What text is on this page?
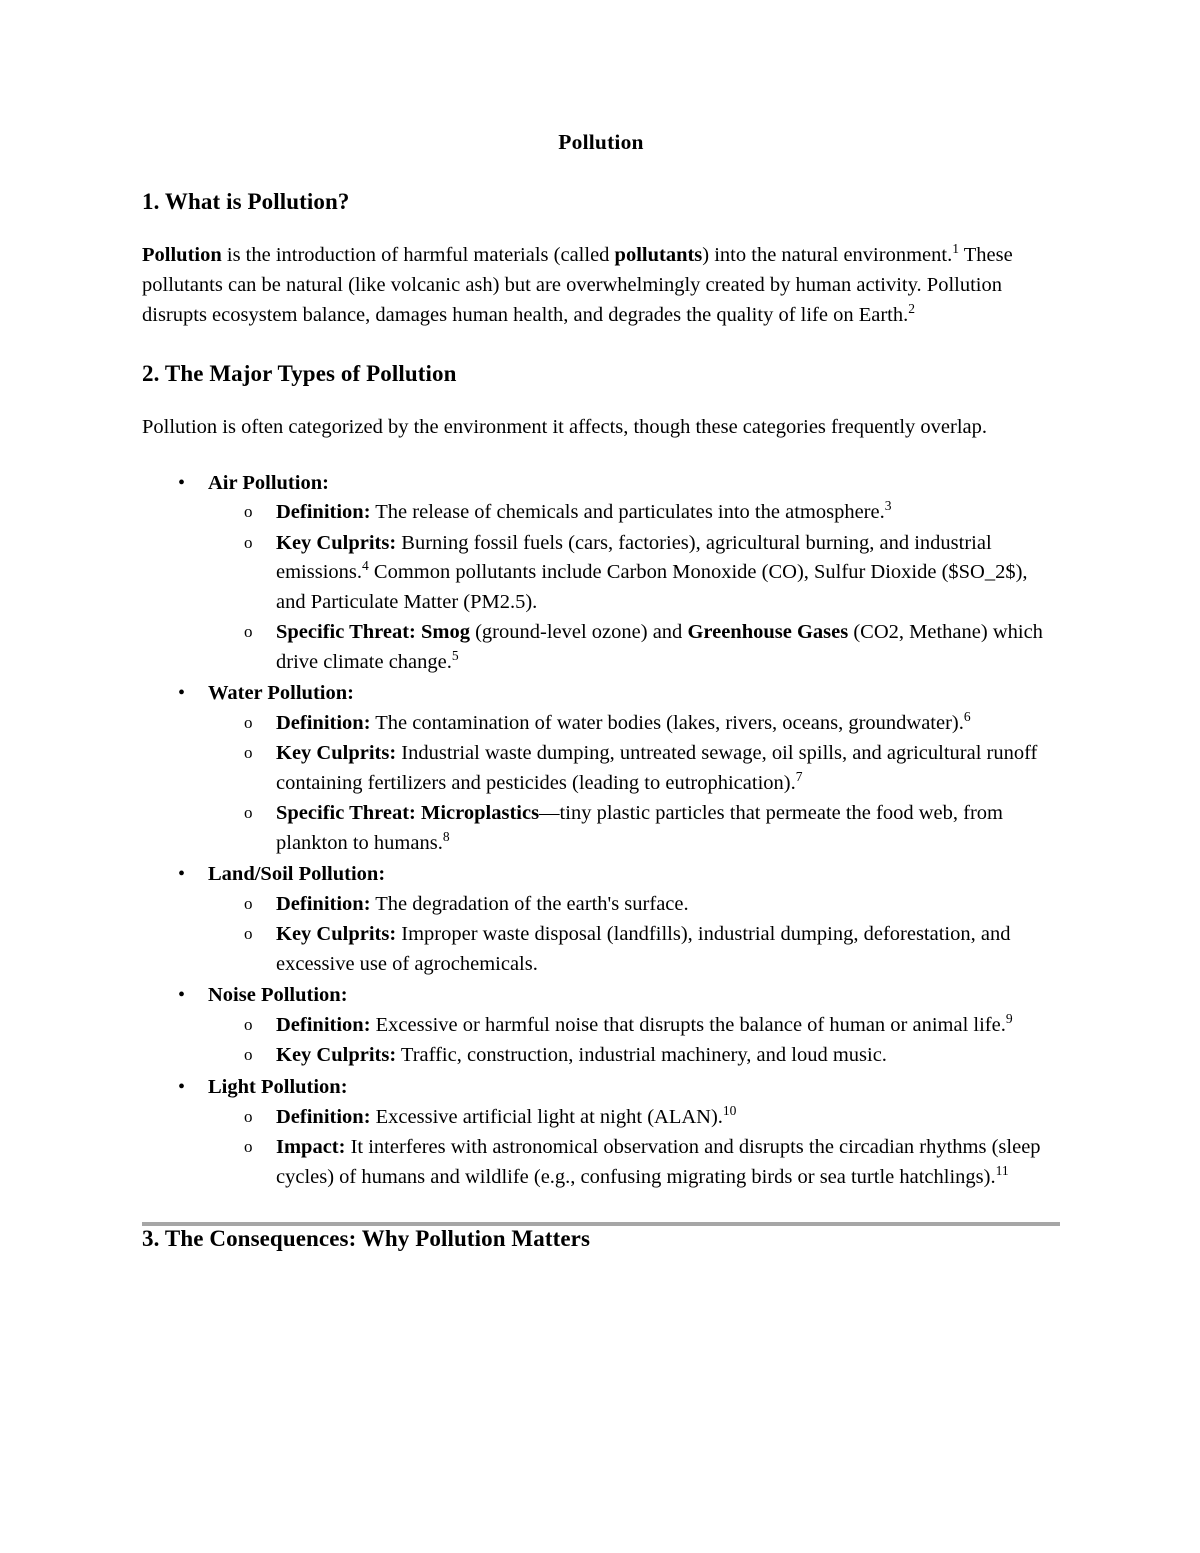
Pollution
1. What is Pollution?

Pollution is the introduction of harmful materials (called pollutants) into the natural environment.$^1$ These pollutants can be natural (like volcanic ash) but are overwhelmingly created by human activity. Pollution disrupts ecosystem balance, damages human health, and degrades the quality of life on Earth.$^2$

2. The Major Types of Pollution

Pollution is often categorized by the environment it affects, though these categories frequently overlap.

• Air Pollution:
o Definition: The release of chemicals and particulates into the atmosphere.$^3$
o Key Culprits: Burning fossil fuels (cars, factories), agricultural burning, and industrial emissions.$^4$ Common pollutants include Carbon Monoxide (CO), Sulfur Dioxide ($SO_2$), and Particulate Matter (PM2.5).
o Specific Threat: Smog (ground-level ozone) and Greenhouse Gases (CO2, Methane) which drive climate change.$^5$
• Water Pollution:
o Definition: The contamination of water bodies (lakes, rivers, oceans, groundwater).$^6$
o Key Culprits: Industrial waste dumping, untreated sewage, oil spills, and agricultural runoff containing fertilizers and pesticides (leading to eutrophication).$^7$
o Specific Threat: Microplastics—tiny plastic particles that permeate the food web, from plankton to humans.$^8$
• Land/Soil Pollution:
o Definition: The degradation of the earth's surface.
o Key Culprits: Improper waste disposal (landfills), industrial dumping, deforestation, and excessive use of agrochemicals.
• Noise Pollution:
o Definition: Excessive or harmful noise that disrupts the balance of human or animal life.$^9$
o Key Culprits: Traffic, construction, industrial machinery, and loud music.
• Light Pollution:
o Definition: Excessive artificial light at night (ALAN).$^{10}$
o Impact: It interferes with astronomical observation and disrupts the circadian rhythms (sleep cycles) of humans and wildlife (e.g., confusing migrating birds or sea turtle hatchlings).$^{11}$
3. The Consequences: Why Pollution Matters
